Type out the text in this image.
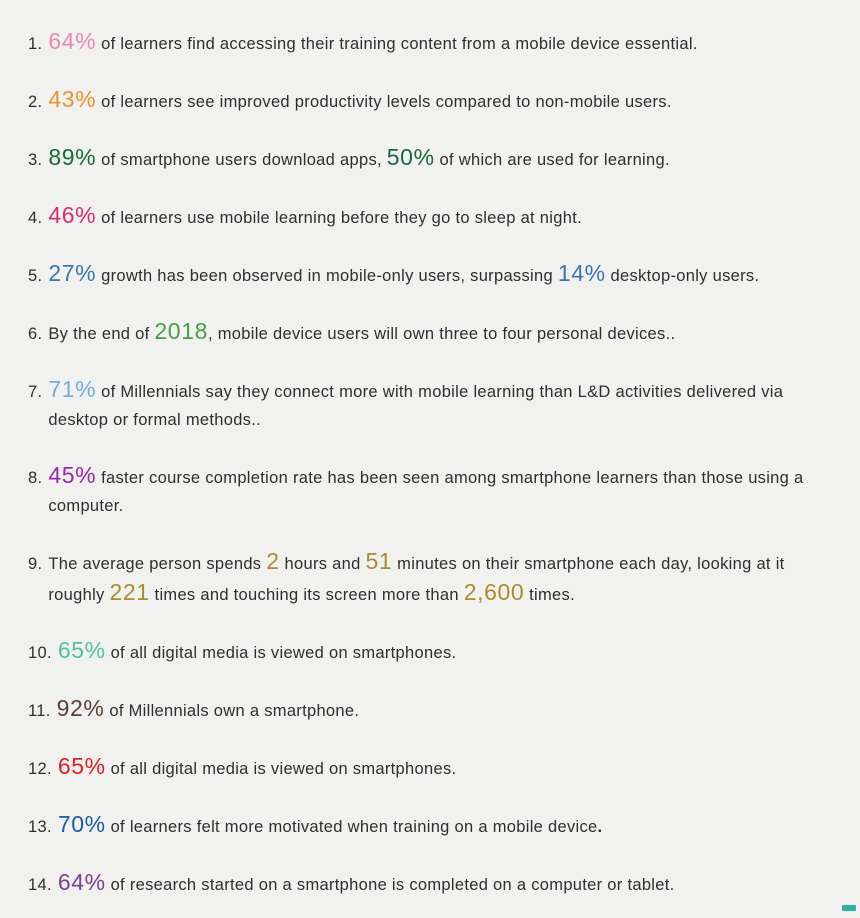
1. 64% of learners find accessing their training content from a mobile device essential.
2. 43% of learners see improved productivity levels compared to non-mobile users.
3. 89% of smartphone users download apps, 50% of which are used for learning.
4. 46% of learners use mobile learning before they go to sleep at night.
5. 27% growth has been observed in mobile-only users, surpassing 14% desktop-only users.
6. By the end of 2018, mobile device users will own three to four personal devices..
7. 71% of Millennials say they connect more with mobile learning than L&D activities delivered via desktop or formal methods..
8. 45% faster course completion rate has been seen among smartphone learners than those using a computer.
9. The average person spends 2 hours and 51 minutes on their smartphone each day, looking at it roughly 221 times and touching its screen more than 2,600 times.
10. 65% of all digital media is viewed on smartphones.
11. 92% of Millennials own a smartphone.
12. 65% of all digital media is viewed on smartphones.
13. 70% of learners felt more motivated when training on a mobile device.
14. 64% of research started on a smartphone is completed on a computer or tablet.
